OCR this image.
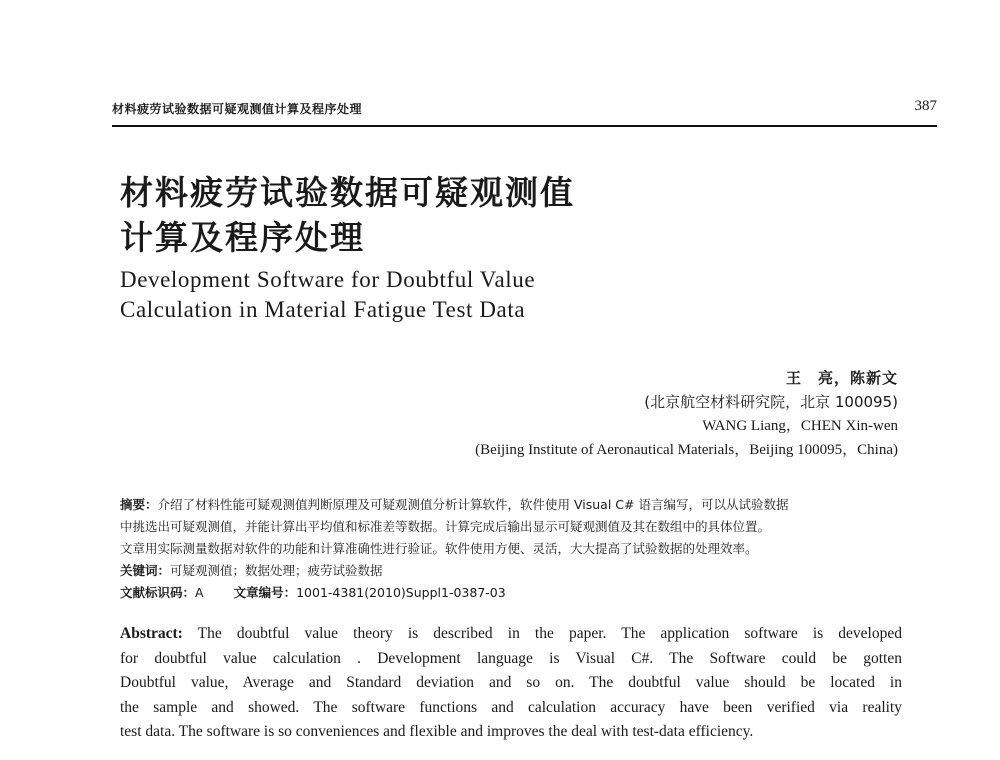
材料疲劳试验数据可疑观测值计算及程序处理	387
材料疲劳试验数据可疑观测值
计算及程序处理
Development Software for Doubtful Value
Calculation in Material Fatigue Test Data
王　亮，陈新文
(北京航空材料研究院，北京 100095)
WANG Liang，CHEN Xin-wen
(Beijing Institute of Aeronautical Materials，Beijing 100095，China)
摘要：介绍了材料性能可疑观测值判断原理及可疑观测值分析计算软件，软件使用 Visual C# 语言编写，可以从试验数据
中挑选出可疑观测值，并能计算出平均值和标准差等数据。计算完成后输出显示可疑观测值及其在数组中的具体位置。
文章用实际测量数据对软件的功能和计算准确性进行验证。软件使用方便、灵活，大大提高了试验数据的处理效率。
关键词：可疑观测值；数据处理；疲劳试验数据
文献标识码：A 文章编号：1001-4381(2010)Suppl1-0387-03
Abstract: The doubtful value theory is described in the paper. The application software is developed
for doubtful value calculation . Development language is Visual C#. The Software could be gotten
Doubtful value, Average and Standard deviation and so on. The doubtful value should be located in
the sample and showed. The software functions and calculation accuracy have been verified via reality
test data. The software is so conveniences and flexible and improves the deal with test-data efficiency.
